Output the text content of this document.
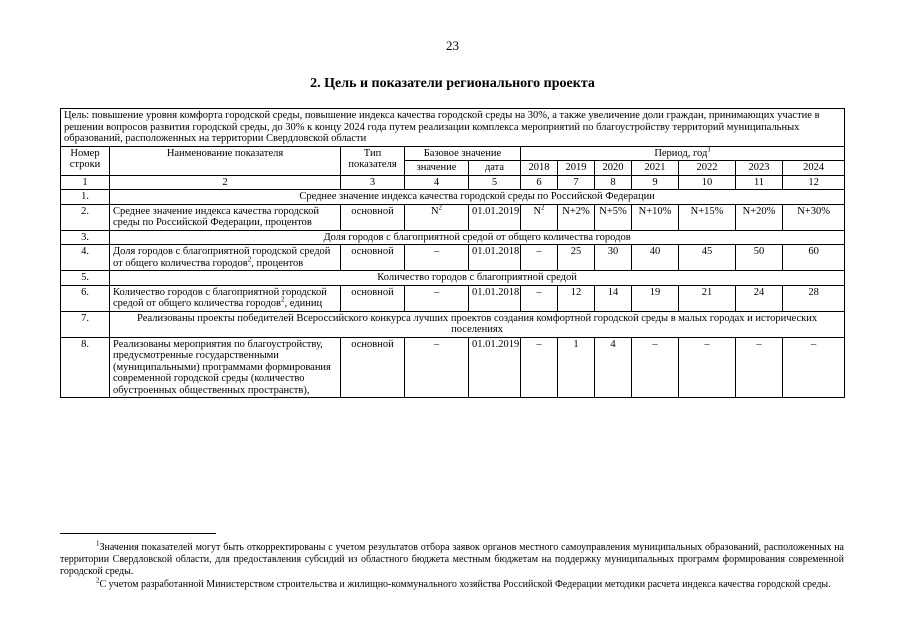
23
2. Цель и показатели регионального проекта
Цель: повышение уровня комфорта городской среды, повышение индекса качества городской среды на 30%, а также увеличение доли граждан, принимающих участие в решении вопросов развития городской среды, до 30% к концу 2024 года путем реализации комплекса мероприятий по благоустройству территорий муниципальных образований, расположенных на территории Свердловской области											
Номер строки	Наименование показателя	Тип показателя	Базовое значение		Период, год$^1$
					2018	2019	2020	2021	2022	2023	2024
			значение	дата							
1	2	3	4	5	6	7	8	9	10	11	12
1.	Среднее значение индекса качества городской среды по Российской Федерации										
2.	Среднее значение индекса качества городской среды по Российской Федерации, процентов	основной	$N^2$	01.01.2019	$N^2$	N+2%	N+5%	N+10%	N+15%	N+20%	N+30%
3.	Доля городов с благоприятной средой от общего количества городов										
4.	Доля городов с благоприятной городской средой от общего количества городов$^2$, процентов	основной	–	01.01.2018	–	25	30	40	45	50	60
5.	Количество городов с благоприятной средой										
6.	Количество городов с благоприятной городской средой от общего количества городов$^2$, единиц	основной	–	01.01.2018	–	12	14	19	21	24	28
7.	Реализованы проекты победителей Всероссийского конкурса лучших проектов создания комфортной городской среды в малых городах и исторических поселениях										
8.	Реализованы мероприятия по благоустройству, предусмотренные государственными (муниципальными) программами формирования современной городской среды (количество обустроенных общественных пространств),	основной	–	01.01.2019	–	1	4	–	–	–	–

$^1$Значения показателей могут быть откорректированы с учетом результатов отбора заявок органов местного самоуправления муниципальных образований, расположенных на территории Свердловской области, для предоставления субсидий из областного бюджета местным бюджетам на поддержку муниципальных программ формирования современной городской среды.

$^2$С учетом разработанной Министерством строительства и жилищно-коммунального хозяйства Российской Федерации методики расчета индекса качества городской среды.
